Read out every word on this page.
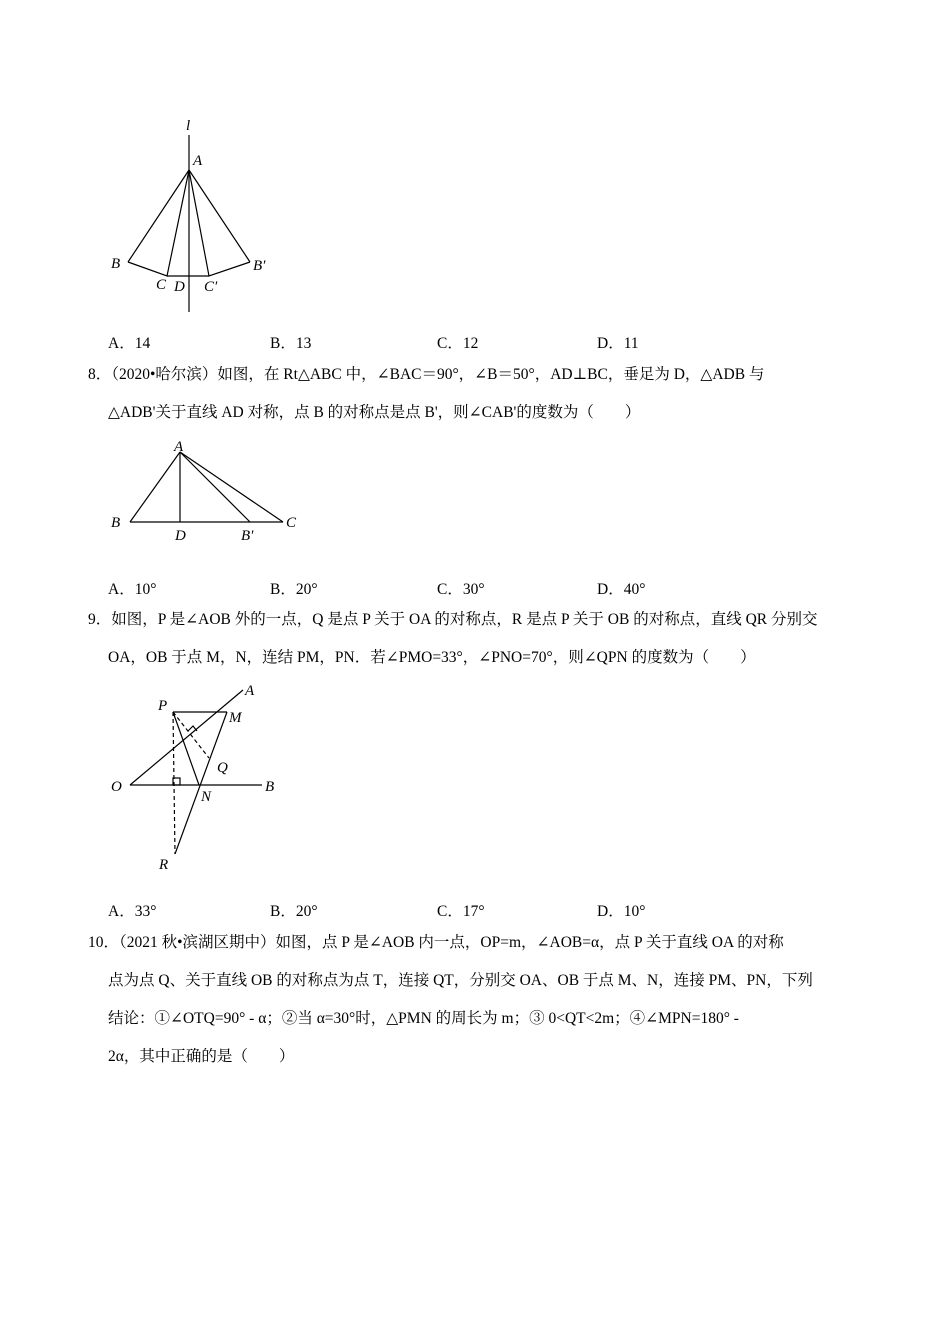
l
A
B
C D C′
B′
A
B	C
D	B′
P
A
M
Q
O
N
B
R
A．14	B．13	C．12	D．11
8．（2020•哈尔滨）如图，在 Rt△ABC 中，∠BAC＝90°，∠B＝50°，AD⊥BC，垂足为 D，△ADB 与
△ADB'关于直线 AD 对称，点 B 的对称点是点 B'，则∠CAB'的度数为（　　）
A．10°	B．20°	C．30°	D．40°
9．如图，P 是∠AOB 外的一点，Q 是点 P 关于 OA 的对称点，R 是点 P 关于 OB 的对称点，直线 QR 分别交
OA，OB 于点 M，N，连结 PM，PN．若∠PMO=33°，∠PNO=70°，则∠QPN 的度数为（　　）
A．33°	B．20°	C．17°	D．10°
10．（2021 秋•滨湖区期中）如图，点 P 是∠AOB 内一点，OP=m，∠AOB=α，点 P 关于直线 OA 的对称
点为点 Q、关于直线 OB 的对称点为点 T，连接 QT，分别交 OA、OB 于点 M、N，连接 PM、PN，下列
结论：①∠OTQ=90° - α；②当 α=30°时，△PMN 的周长为 m；③ 0<QT<2m；④∠MPN=180° -
2α，其中正确的是（　　）
